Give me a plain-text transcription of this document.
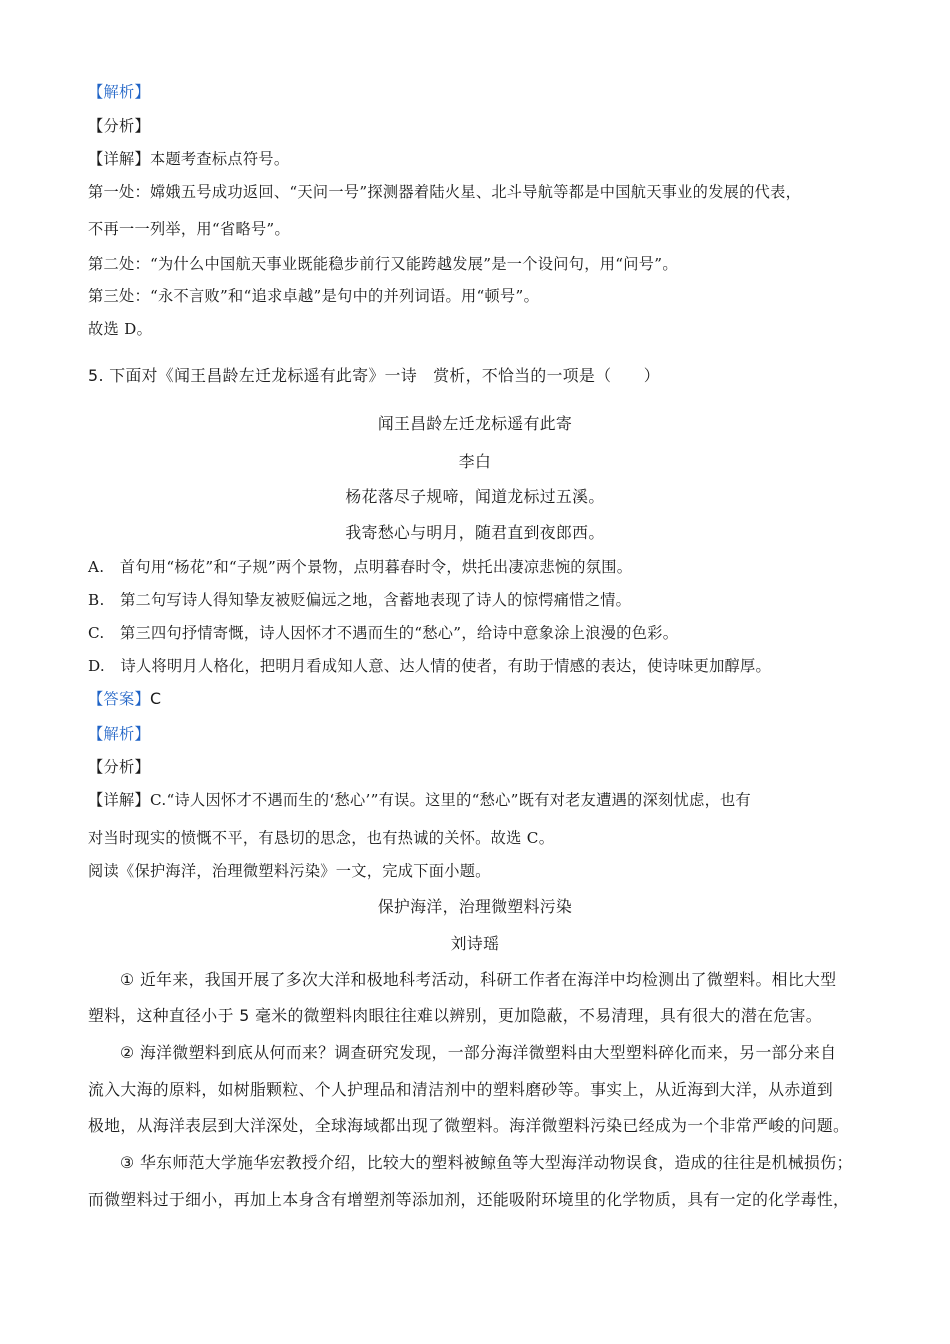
【解析】
【分析】
【详解】本题考查标点符号。
第一处：嫦娥五号成功返回、“天问一号”探测器着陆火星、北斗导航等都是中国航天事业的发展的代表，
不再一一列举，用“省略号”。
第二处：“为什么中国航天事业既能稳步前行又能跨越发展”是一个设问句，用“问号”。
第三处：“永不言败”和“追求卓越”是句中的并列词语。用“顿号”。
故选 D。
5. 下面对《闻王昌龄左迁龙标遥有此寄》一诗　赏析，不恰当的一项是（　　）
闻王昌龄左迁龙标遥有此寄
李白
杨花落尽子规啼，闻道龙标过五溪。
我寄愁心与明月，随君直到夜郎西。
A.　首句用“杨花”和“子规”两个景物，点明暮春时令，烘托出凄凉悲惋的氛围。
B.　第二句写诗人得知挚友被贬偏远之地，含蓄地表现了诗人的惊愕痛惜之情。
C.　第三四句抒情寄慨，诗人因怀才不遇而生的“愁心”，给诗中意象涂上浪漫的色彩。
D.　诗人将明月人格化，把明月看成知人意、达人情的使者，有助于情感的表达，使诗味更加醇厚。
【答案】C
【解析】
【分析】
【详解】C.“诗人因怀才不遇而生的‘愁心’”有误。这里的“愁心”既有对老友遭遇的深刻忧虑，也有
对当时现实的愤慨不平，有恳切的思念，也有热诚的关怀。故选 C。
阅读《保护海洋，治理微塑料污染》一文，完成下面小题。
保护海洋，治理微塑料污染
刘诗瑶
① 近年来，我国开展了多次大洋和极地科考活动，科研工作者在海洋中均检测出了微塑料。相比大型
塑料，这种直径小于 5 毫米的微塑料肉眼往往难以辨别，更加隐蔽，不易清理，具有很大的潜在危害。
② 海洋微塑料到底从何而来？调查研究发现，一部分海洋微塑料由大型塑料碎化而来，另一部分来自
流入大海的原料，如树脂颗粒、个人护理品和清洁剂中的塑料磨砂等。事实上，从近海到大洋，从赤道到
极地，从海洋表层到大洋深处，全球海域都出现了微塑料。海洋微塑料污染已经成为一个非常严峻的问题。
③ 华东师范大学施华宏教授介绍，比较大的塑料被鲸鱼等大型海洋动物误食，造成的往往是机械损伤；
而微塑料过于细小，再加上本身含有增塑剂等添加剂，还能吸附环境里的化学物质，具有一定的化学毒性，
